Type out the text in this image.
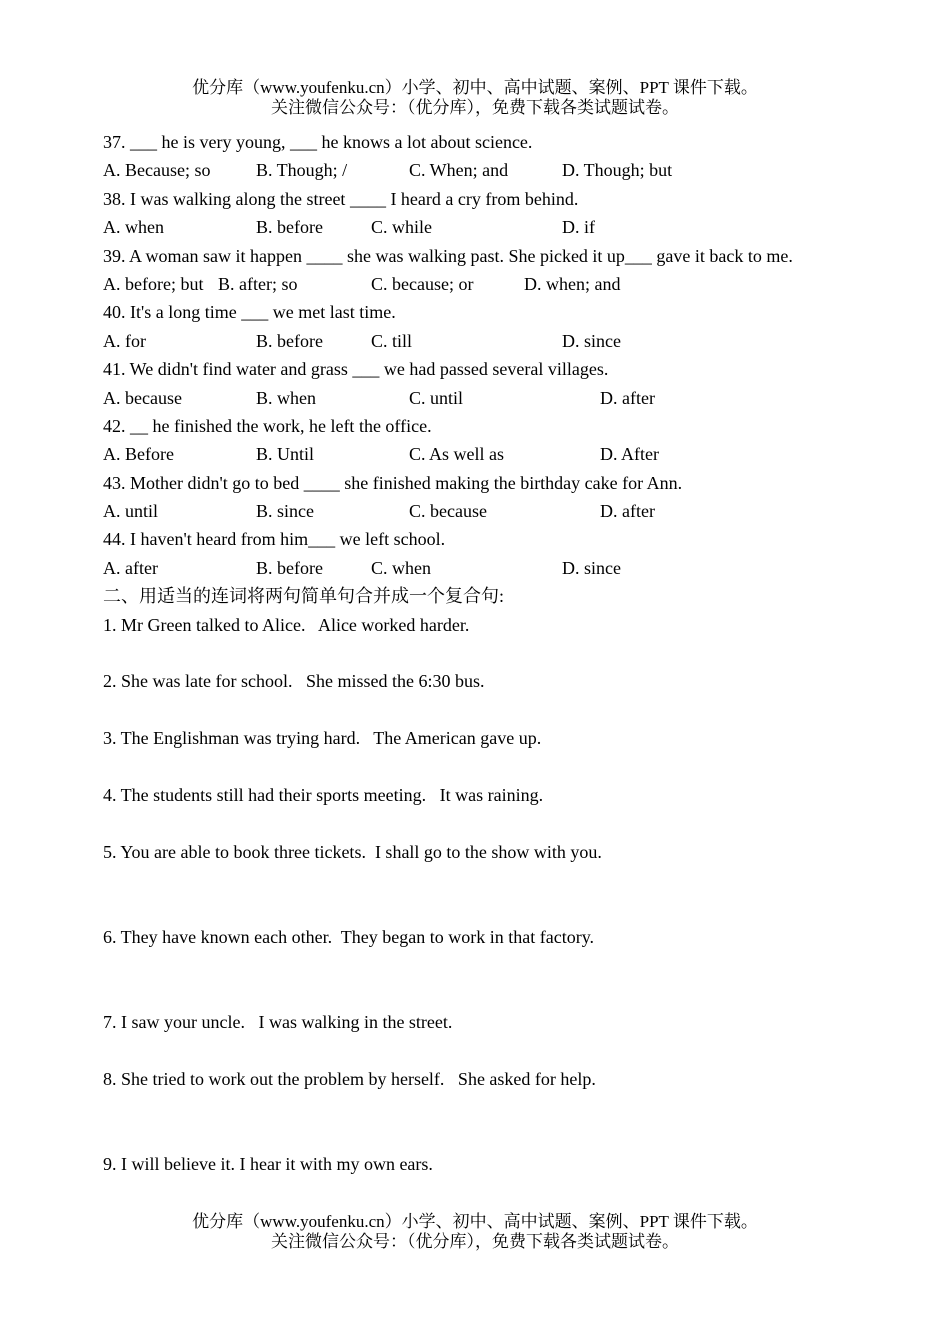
优分库（www.youfenku.cn）小学、初中、高中试题、案例、PPT 课件下载。
关注微信公众号：（优分库），免费下载各类试题试卷。
37. ___ he is very young, ___ he knows a lot about science.
A. Because; so	B. Though; /	C. When; and	D. Though; but
38. I was walking along the street ____ I heard a cry from behind.
A. when	B. before	C. while	D. if
39. A woman saw it happen ____ she was walking past. She picked it up___ gave it back to me.
A. before; but B. after; so	C. because; or	D. when; and
40. It's a long time ___ we met last time.
A. for	B. before	C. till	D. since
41. We didn't find water and grass ___ we had passed several villages.
A. because	B. when	C. until	D. after
42. __ he finished the work, he left the office.
A. Before	B. Until	C. As well as	D. After
43. Mother didn't go to bed ____ she finished making the birthday cake for Ann.
A. until	B. since	C. because	D. after
44. I haven't heard from him___ we left school.
A. after	B. before	C. when	D. since
二、用适当的连词将两句简单句合并成一个复合句:
1. Mr Green talked to Alice.   Alice worked harder.
2. She was late for school.   She missed the 6:30 bus.
3. The Englishman was trying hard.   The American gave up.
4. The students still had their sports meeting.   It was raining.
5. You are able to book three tickets.  I shall go to the show with you.
6. They have known each other.  They began to work in that factory.
7. I saw your uncle.   I was walking in the street.
8. She tried to work out the problem by herself.   She asked for help.
9. I will believe it. I hear it with my own ears.
优分库（www.youfenku.cn）小学、初中、高中试题、案例、PPT 课件下载。
关注微信公众号：（优分库），免费下载各类试题试卷。
